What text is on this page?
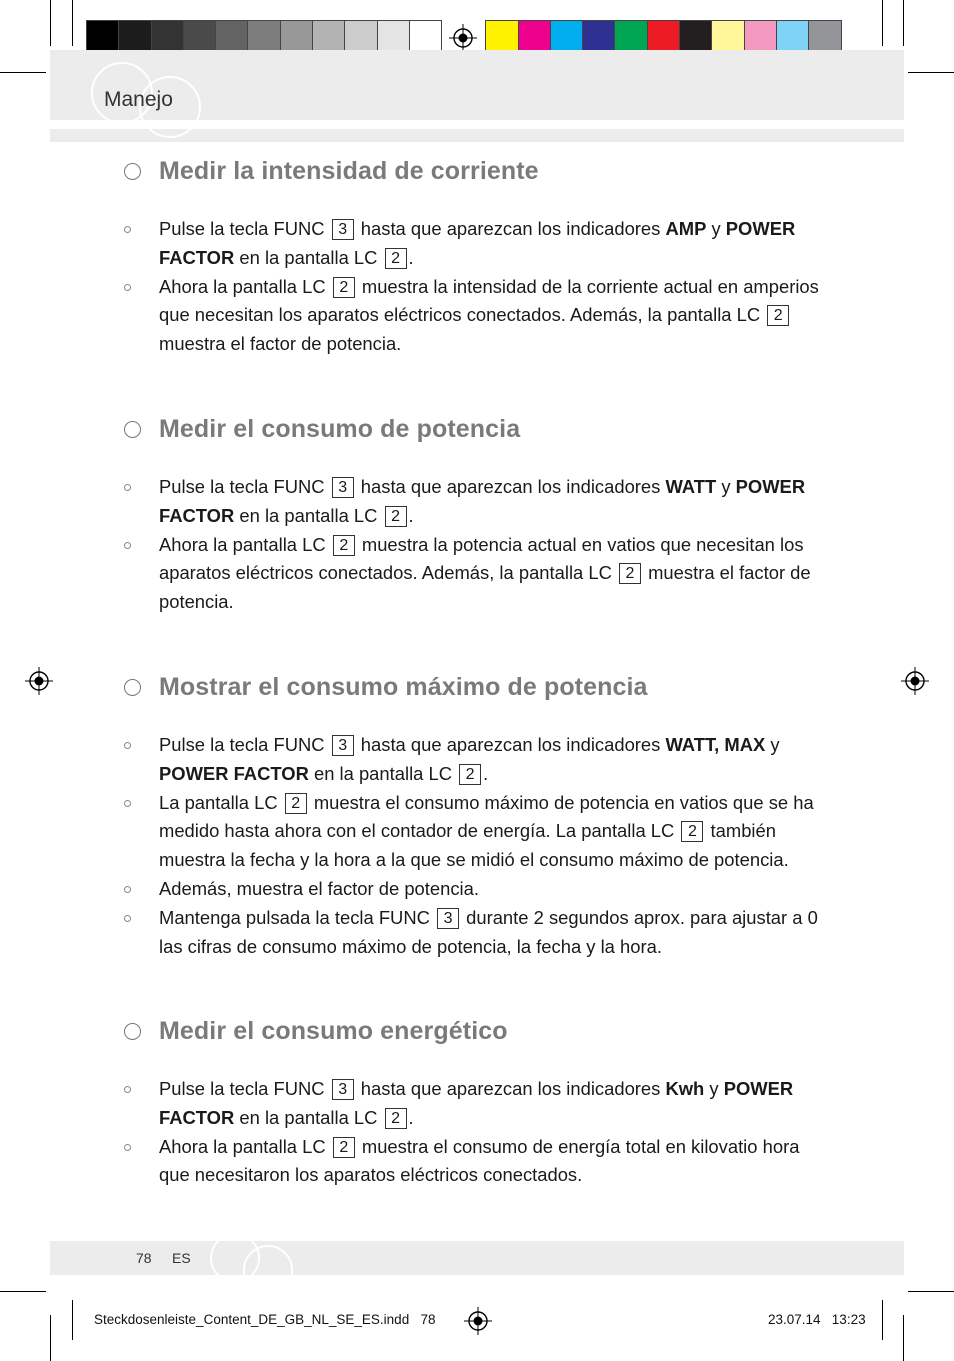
Manejo
Medir la intensidad de corriente
Pulse la tecla FUNC 3 hasta que aparezcan los indicadores AMP y POWER FACTOR en la pantalla LC 2 .
Ahora la pantalla LC 2 muestra la intensidad de la corriente actual en amperios que necesitan los aparatos eléctricos conectados. Además, la pantalla LC 2 muestra el factor de potencia.
Medir el consumo de potencia
Pulse la tecla FUNC 3 hasta que aparezcan los indicadores WATT y POWER FACTOR en la pantalla LC 2 .
Ahora la pantalla LC 2 muestra la potencia actual en vatios que necesitan los aparatos eléctricos conectados. Además, la pantalla LC 2 muestra el factor de potencia.
Mostrar el consumo máximo de potencia
Pulse la tecla FUNC 3 hasta que aparezcan los indicadores WATT, MAX y POWER FACTOR en la pantalla LC 2 .
La pantalla LC 2 muestra el consumo máximo de potencia en vatios que se ha medido hasta ahora con el contador de energía. La pantalla LC 2 también muestra la fecha y la hora a la que se midió el consumo máximo de potencia.
Además, muestra el factor de potencia.
Mantenga pulsada la tecla FUNC 3 durante 2 segundos aprox. para ajustar a 0 las cifras de consumo máximo de potencia, la fecha y la hora.
Medir el consumo energético
Pulse la tecla FUNC 3 hasta que aparezcan los indicadores Kwh y POWER FACTOR en la pantalla LC 2 .
Ahora la pantalla LC 2 muestra el consumo de energía total en kilovatio hora que necesitaron los aparatos eléctricos conectados.
78 ES
Steckdosenleiste_Content_DE_GB_NL_SE_ES.indd   78	23.07.14   13:23
